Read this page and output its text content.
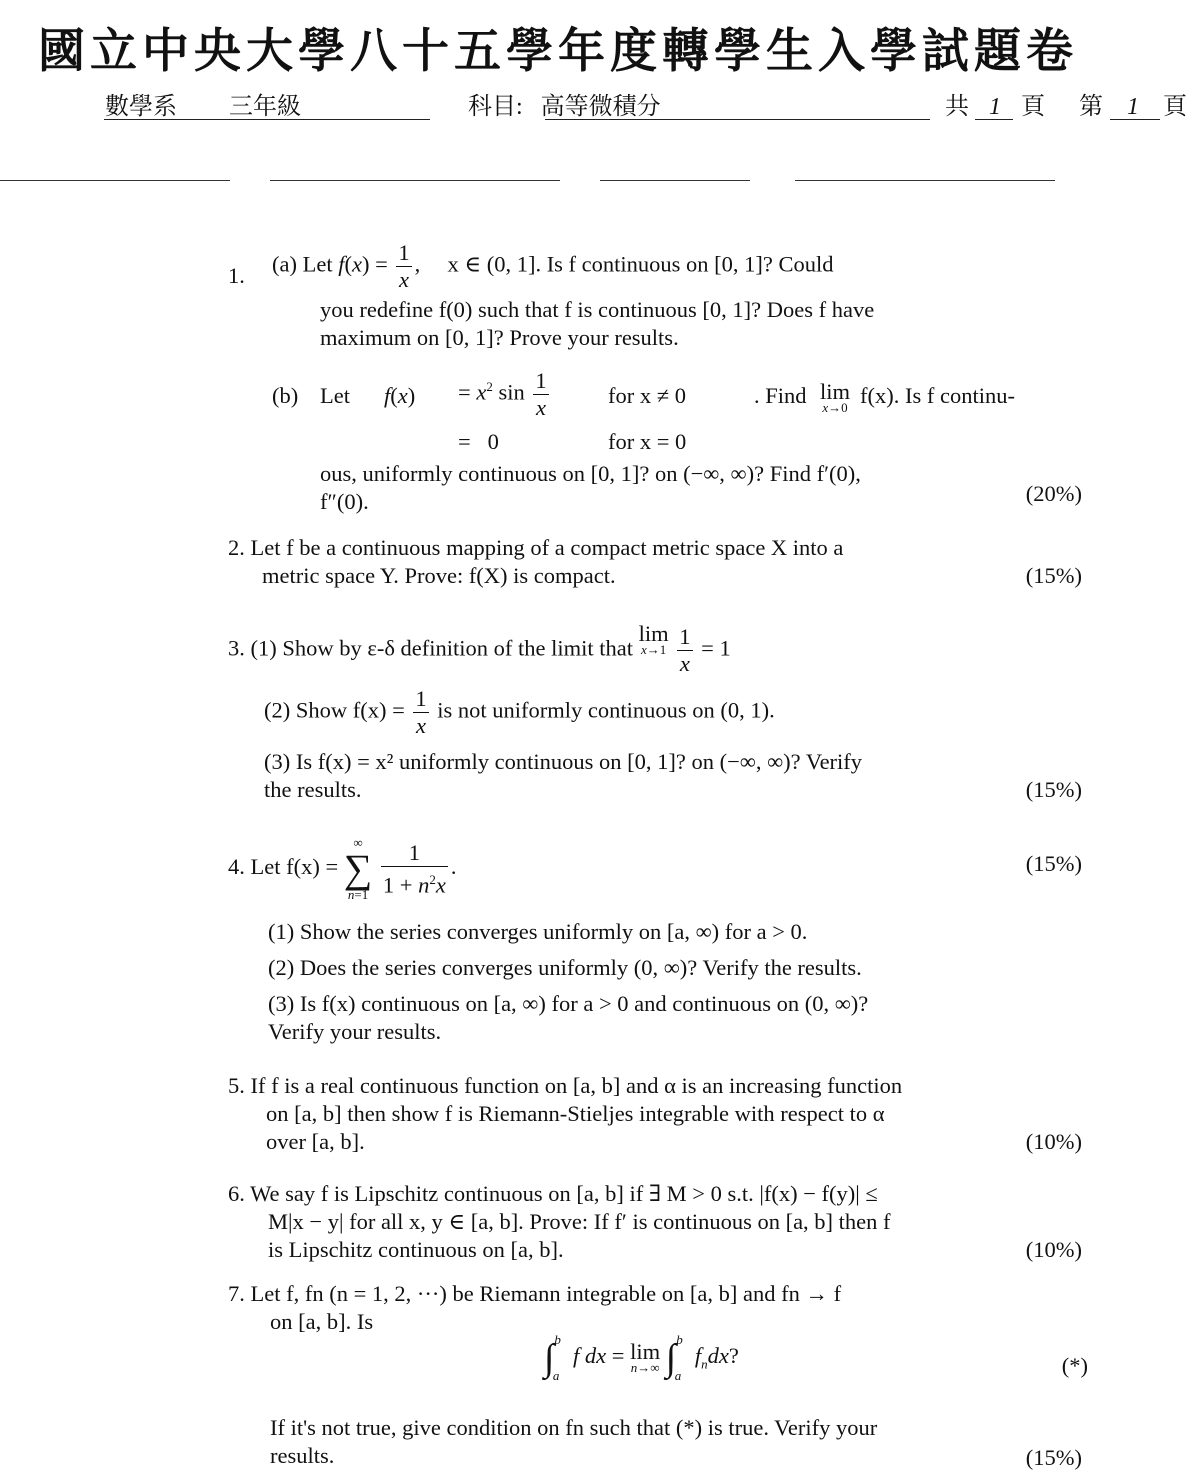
國立中央大學八十五學年度轉學生入學試題卷
數學系 三年級	科目: 高等微積分	共 1 頁 第 1 頁
1. (a) Let $f(x) = \frac{1}{x}$ ,  x ∈ (0, 1]. Is f continuous on [0, 1]? Could
you redefine f(0) such that f is continuous [0, 1]? Does f have
maximum on [0, 1]? Prove your results.
(b) Let $f(x) = x^2$ $\sin \frac{1}{x}$	for x ≠ 0	. Find lim
x→0 f(x). Is f continu-
=   0	for x = 0
ous, uniformly continuous on [0, 1]? on (−∞, ∞)? Find f′(0),
f″(0).	(20%)
2. Let f be a continuous mapping of a compact metric space X into a
metric space Y. Prove: f(X) is compact.	(15%)
3. (1) Show by ε-δ definition of the limit that lim
x→1
$\frac{1}{x} = 1$
(2) Show $f(x) = \frac{1}{x}$ is not uniformly continuous on (0, 1).
(3) Is f(x) = x² uniformly continuous on [0, 1]? on (−∞, ∞)? Verify
the results.	(15%)
4. Let f(x) =
∞
∑
n=1
$\frac{1}{1 + n^2x}$ .	(15%)
(1) Show the series converges uniformly on [a, ∞) for a > 0.
(2) Does the series converges uniformly (0, ∞)? Verify the results.
(3) Is f(x) continuous on [a, ∞) for a > 0 and continuous on (0, ∞)?
Verify your results.
5. If f is a real continuous function on [a, b] and α is an increasing function
on [a, b] then show f is Riemann-Stieljes integrable with respect to α
over [a, b].	(10%)
6. We say f is Lipschitz continuous on [a, b] if ∃ M > 0 s.t. |f(x) − f(y)| ≤
M|x − y| for all x, y ∈ [a, b]. Prove: If f′ is continuous on [a, b] then f
is Lipschitz continuous on [a, b].	(10%)
7. Let f, fn (n = 1, 2, ···) be Riemann integrable on [a, b] and fn → f
on [a, b]. Is
∫ba f dx = lim
n→∞ ∫ba $f_ndx$?	(*)
If it's not true, give condition on fn such that (*) is true. Verify your
results.	(15%)
